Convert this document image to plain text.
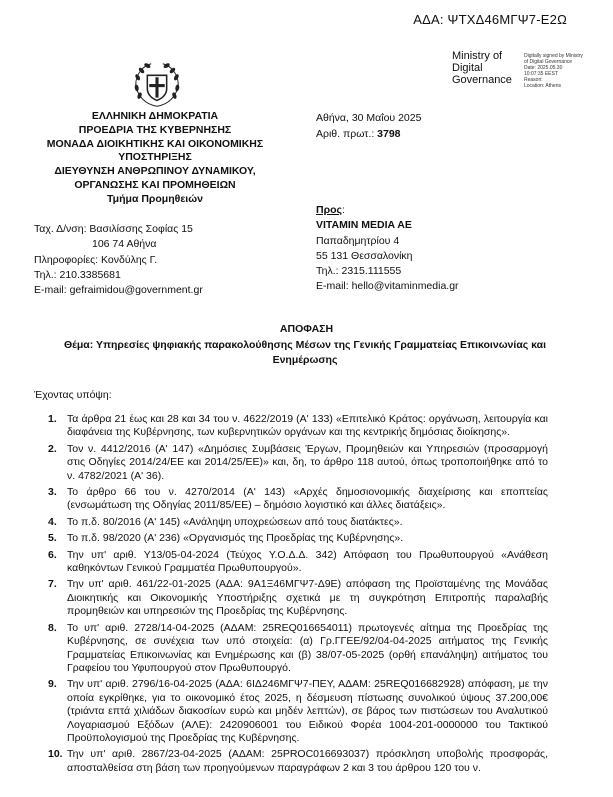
ΑΔΑ: ΨΤΧΔ46ΜΓΨ7-Ε2Ω
Ministry of
Digital
Governance
Digitally signed by Ministry
of Digital Governance
Date: 2025.05.30
10:07:35 EEST
Reason:
Location: Athens
ΕΛΛΗΝΙΚΗ ΔΗΜΟΚΡΑΤΙΑ
ΠΡΟΕΔΡΙΑ ΤΗΣ ΚΥΒΕΡΝΗΣΗΣ
ΜΟΝΑΔΑ ΔΙΟΙΚΗΤΙΚΗΣ ΚΑΙ ΟΙΚΟΝΟΜΙΚΗΣ
ΥΠΟΣΤΗΡΙΞΗΣ
ΔΙΕΥΘΥΝΣΗ ΑΝΘΡΩΠΙΝΟΥ ΔΥΝΑΜΙΚΟΥ,
ΟΡΓΑΝΩΣΗΣ ΚΑΙ ΠΡΟΜΗΘΕΙΩΝ
Τμήμα Προμηθειών
Ταχ. Δ/νση: Βασιλίσσης Σοφίας 15
106 74 Αθήνα
Πληροφορίες: Κονδύλης Γ.
Τηλ.: 210.3385681
E-mail: gefraimidou@government.gr
Αθήνα, 30 Μαΐου 2025
Αριθ. πρωτ.: 3798
Προς:
VITAMIN MEDIA AE
Παπαδημητρίου 4
55 131 Θεσσαλονίκη
Τηλ.: 2315.111555
E-mail: hello@vitaminmedia.gr
ΑΠΟΦΑΣΗ
Θέμα: Υπηρεσίες ψηφιακής παρακολούθησης Μέσων της Γενικής Γραμματείας Επικοινωνίας και Ενημέρωσης
Έχοντας υπόψη:
1. Τα άρθρα 21 έως και 28 και 34 του ν. 4622/2019 (Α' 133) «Επιτελικό Κράτος: οργάνωση, λειτουργία και διαφάνεια της Κυβέρνησης, των κυβερνητικών οργάνων και της κεντρικής δημόσιας διοίκησης».
2. Τον ν. 4412/2016 (Α' 147) «Δημόσιες Συμβάσεις Έργων, Προμηθειών και Υπηρεσιών (προσαρμογή στις Οδηγίες 2014/24/ΕΕ και 2014/25/ΕΕ)» και, δη, το άρθρο 118 αυτού, όπως τροποποιήθηκε από το ν. 4782/2021 (Α' 36).
3. Το άρθρο 66 του ν. 4270/2014 (Α' 143) «Αρχές δημοσιονομικής διαχείρισης και εποπτείας (ενσωμάτωση της Οδηγίας 2011/85/ΕΕ) – δημόσιο λογιστικό και άλλες διατάξεις».
4. Το π.δ. 80/2016 (Α' 145) «Ανάληψη υποχρεώσεων από τους διατάκτες».
5. Το π.δ. 98/2020 (Α' 236) «Οργανισμός της Προεδρίας της Κυβέρνησης».
6. Την υπ' αριθ. Υ13/05-04-2024 (Τεύχος Υ.Ο.Δ.Δ. 342) Απόφαση του Πρωθυπουργού «Ανάθεση καθηκόντων Γενικού Γραμματέα Πρωθυπουργού».
7. Την υπ' αριθ. 461/22-01-2025 (ΑΔΑ: 9Α1Ξ46ΜΓΨ7-Δ9Ε) απόφαση της Προϊσταμένης της Μονάδας Διοικητικής και Οικονομικής Υποστήριξης σχετικά με τη συγκρότηση Επιτροπής παραλαβής προμηθειών και υπηρεσιών της Προεδρίας της Κυβέρνησης.
8. Το υπ' αριθ. 2728/14-04-2025 (ΑΔΑΜ: 25REQ016654011) πρωτογενές αίτημα της Προεδρίας της Κυβέρνησης, σε συνέχεια των υπό στοιχεία: (α) Γρ.ΓΓΕΕ/92/04-04-2025 αιτήματος της Γενικής Γραμματείας Επικοινωνίας και Ενημέρωσης και (β) 38/07-05-2025 (ορθή επανάληψη) αιτήματος του Γραφείου του Υφυπουργού στον Πρωθυπουργό.
9. Την υπ' αριθ. 2796/16-04-2025 (ΑΔΑ: 6ΙΔ246ΜΓΨ7-ΠΕΥ, ΑΔΑΜ: 25REQ016682928) απόφαση, με την οποία εγκρίθηκε, για το οικονομικό έτος 2025, η δέσμευση πίστωσης συνολικού ύψους 37.200,00€ (τριάντα επτά χιλιάδων διακοσίων ευρώ και μηδέν λεπτών), σε βάρος των πιστώσεων του Αναλυτικού Λογαριασμού Εξόδων (ΑΛΕ): 2420906001 του Ειδικού Φορέα 1004-201-0000000 του Τακτικού Προϋπολογισμού της Προεδρίας της Κυβέρνησης.
10. Την υπ' αριθ. 2867/23-04-2025 (ΑΔΑΜ: 25PROC016693037) πρόσκληση υποβολής προσφοράς, αποσταλθείσα στη βάση των προηγούμενων παραγράφων 2 και 3 του άρθρου 120 του ν.
